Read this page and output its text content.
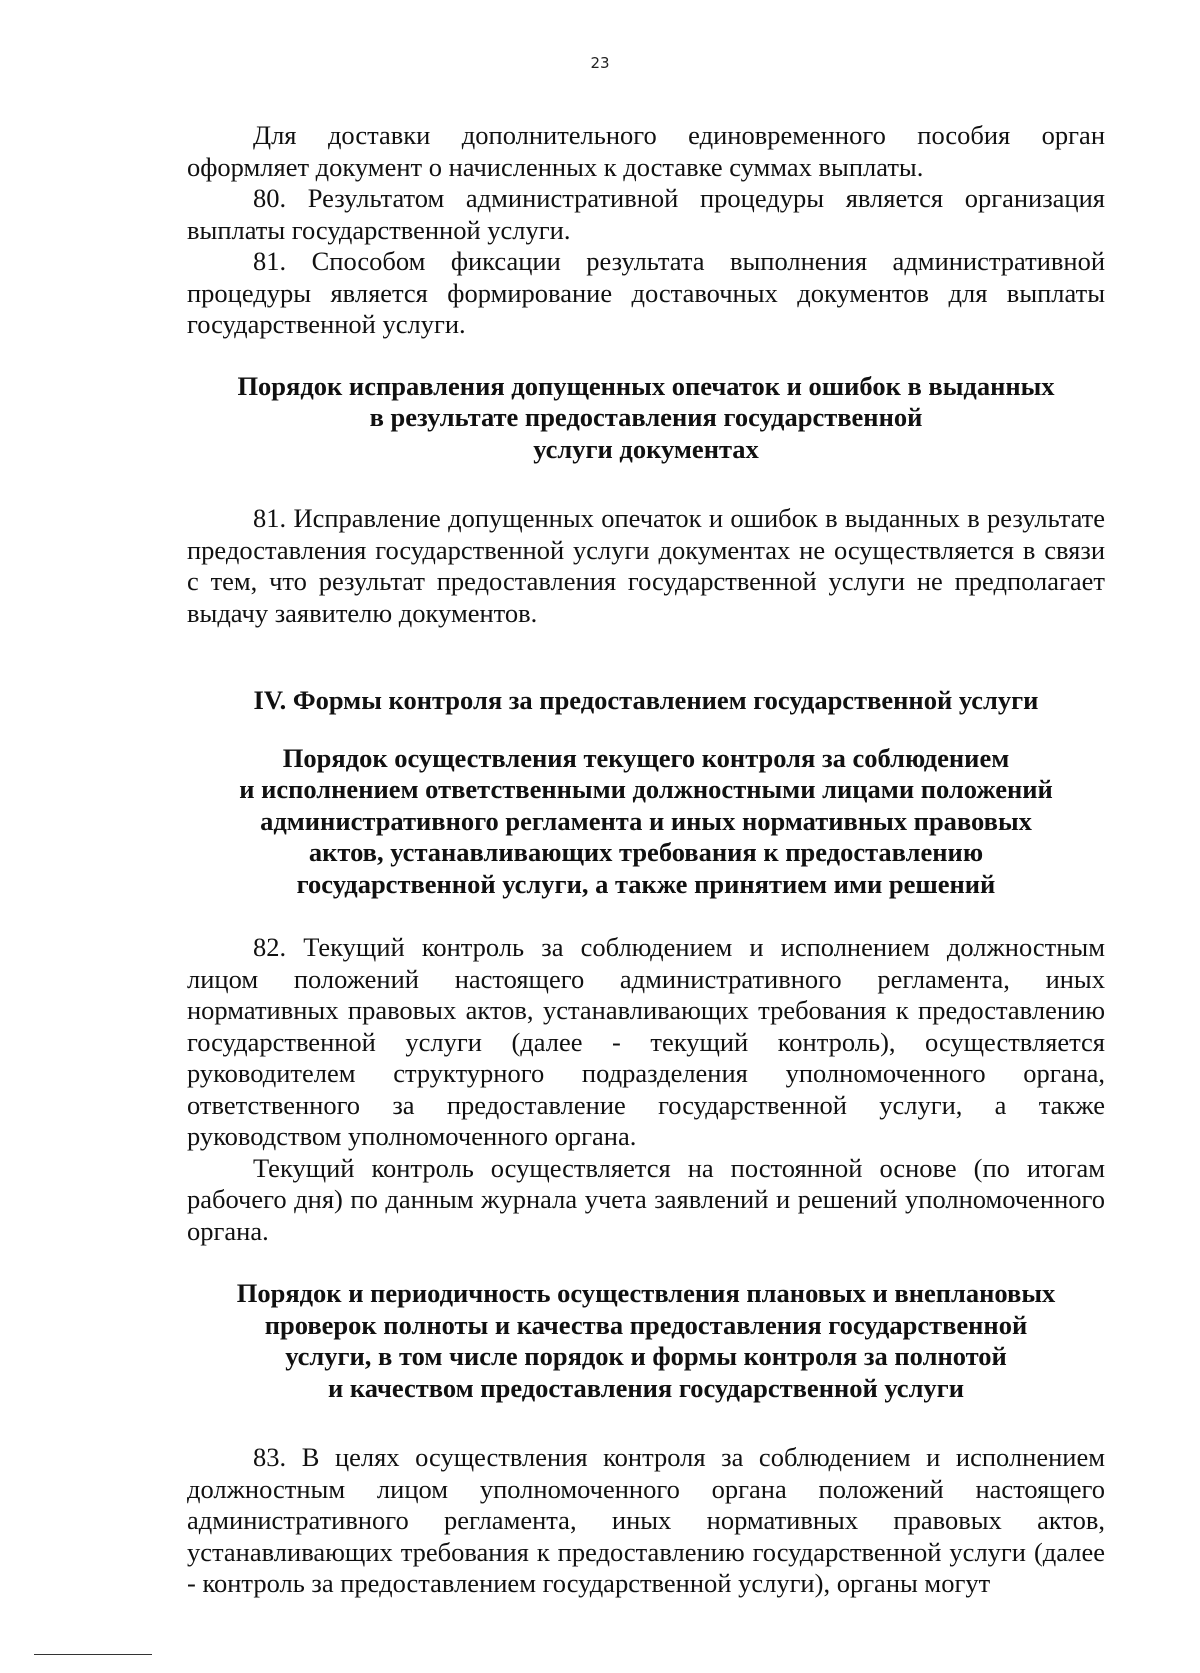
23

Для доставки дополнительного единовременного пособия орган оформляет документ о начисленных к доставке суммах выплаты.

80. Результатом административной процедуры является организация выплаты государственной услуги.

81. Способом фиксации результата выполнения административной процедуры является формирование доставочных документов для выплаты государственной услуги.

Порядок исправления допущенных опечаток и ошибок в выданных
в результате предоставления государственной
услуги документах

81. Исправление допущенных опечаток и ошибок в выданных в результате предоставления государственной услуги документах не осуществляется в связи с тем, что результат предоставления государственной услуги не предполагает выдачу заявителю документов.

IV. Формы контроля за предоставлением государственной услуги
Порядок осуществления текущего контроля за соблюдением
и исполнением ответственными должностными лицами положений
административного регламента и иных нормативных правовых
актов, устанавливающих требования к предоставлению
государственной услуги, а также принятием ими решений

82. Текущий контроль за соблюдением и исполнением должностным лицом положений настоящего административного регламента, иных нормативных правовых актов, устанавливающих требования к предоставлению государственной услуги (далее - текущий контроль), осуществляется руководителем структурного подразделения уполномоченного органа, ответственного за предоставление государственной услуги, а также руководством уполномоченного органа.

Текущий контроль осуществляется на постоянной основе (по итогам рабочего дня) по данным журнала учета заявлений и решений уполномоченного органа.

Порядок и периодичность осуществления плановых и внеплановых
проверок полноты и качества предоставления государственной
услуги, в том числе порядок и формы контроля за полнотой
и качеством предоставления государственной услуги

83. В целях осуществления контроля за соблюдением и исполнением должностным лицом уполномоченного органа положений настоящего административного регламента, иных нормативных правовых актов, устанавливающих требования к предоставлению государственной услуги (далее - контроль за предоставлением государственной услуги), органы могут
